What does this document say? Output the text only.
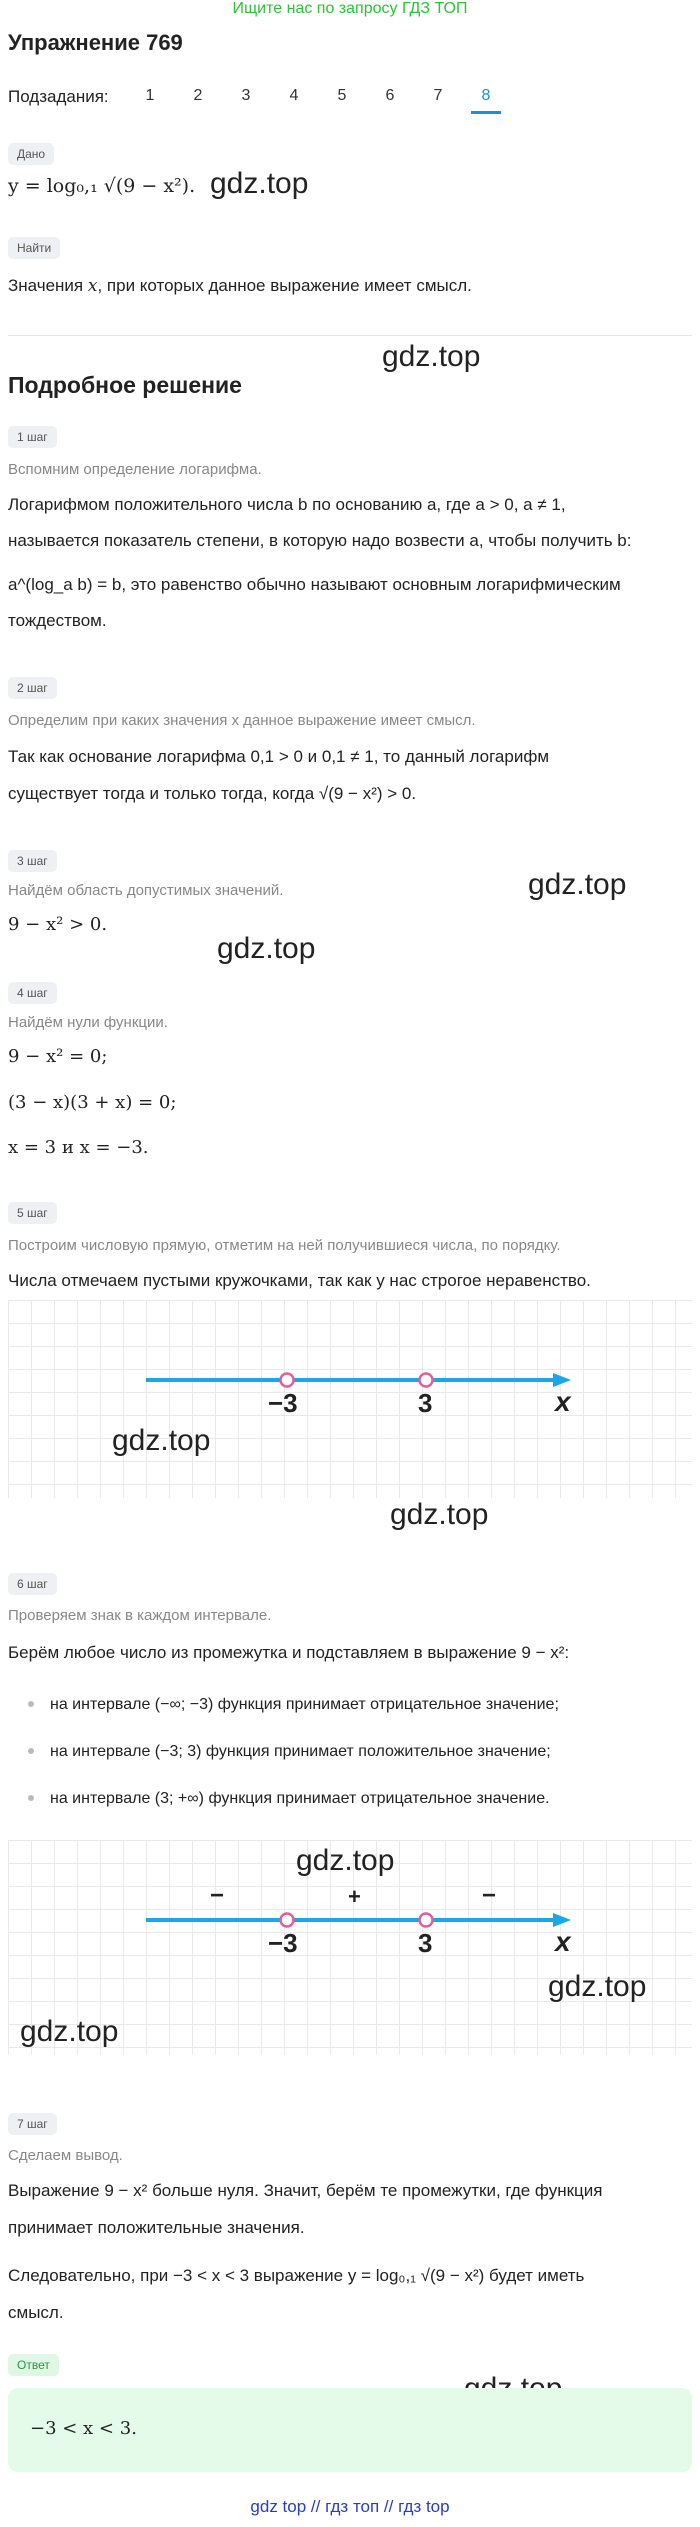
Ищите нас по запросу ГДЗ ТОП
Упражнение 769
Подзадания:	1	2	3	4	5	6	7	8
Дано
y = log₀,₁ √(9 − x²). gdz.top
Найти
Значения x, при которых данное выражение имеет смысл.
gdz.top
Подробное решение
1 шаг
Вспомним определение логарифма.
Логарифмом положительного числа b по основанию a, где a > 0, a ≠ 1,
называется показатель степени, в которую надо возвести a, чтобы получить b:
a^(log_a b) = b, это равенство обычно называют основным логарифмическим
тождеством.
2 шаг
Определим при каких значения x данное выражение имеет смысл.
Так как основание логарифма 0,1 > 0 и 0,1 ≠ 1, то данный логарифм
существует тогда и только тогда, когда √(9 − x²) > 0.
3 шаг
gdz.top
Найдём область допустимых значений.
9 − x² > 0.
gdz.top
4 шаг
Найдём нули функции.
9 − x² = 0;
(3 − x)(3 + x) = 0;
x = 3 и x = −3.
5 шаг
Построим числовую прямую, отметим на ней получившиеся числа, по порядку.
Числа отмечаем пустыми кружочками, так как у нас строгое неравенство.
−3	3	x
gdz.top
gdz.top
6 шаг
Проверяем знак в каждом интервале.
Берём любое число из промежутка и подставляем в выражение 9 − x²:
на интервале (−∞; −3) функция принимает отрицательное значение;
на интервале (−3; 3) функция принимает положительное значение;
на интервале (3; +∞) функция принимает отрицательное значение.
gdz.top
−	+	−
−3	3	x
gdz.top
gdz.top
7 шаг
Сделаем вывод.
Выражение 9 − x² больше нуля. Значит, берём те промежутки, где функция
принимает положительные значения.
Следовательно, при −3 < x < 3 выражение y = log₀,₁ √(9 − x²) будет иметь
смысл.
Ответ
−3 < x < 3.
gdz top // гдз топ // гдз top
